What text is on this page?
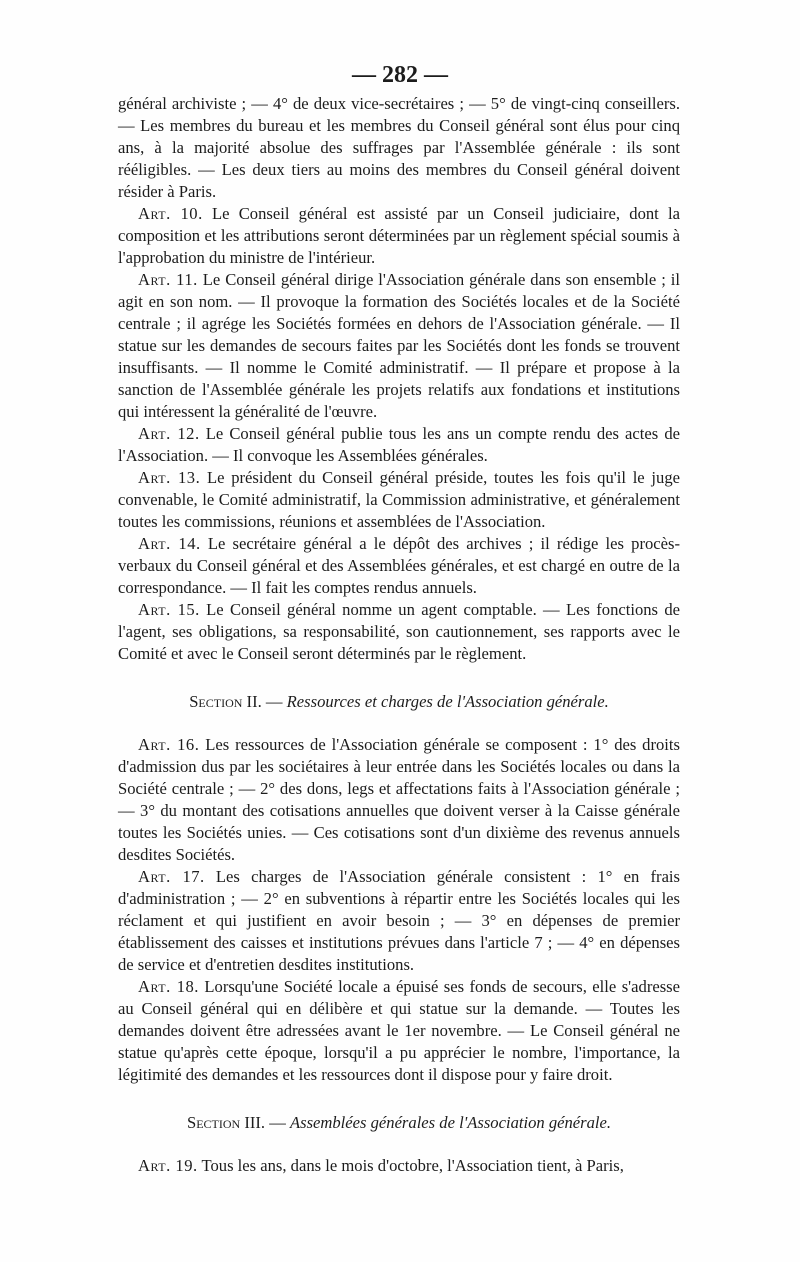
— 282 —

général archiviste ; — 4° de deux vice-secrétaires ; — 5° de vingt-cinq conseillers. — Les membres du bureau et les membres du Conseil général sont élus pour cinq ans, à la majorité absolue des suffrages par l'Assemblée générale : ils sont rééligibles. — Les deux tiers au moins des membres du Conseil général doivent résider à Paris.

Art. 10. Le Conseil général est assisté par un Conseil judiciaire, dont la composition et les attributions seront déterminées par un règlement spécial soumis à l'approbation du ministre de l'intérieur.

Art. 11. Le Conseil général dirige l'Association générale dans son ensemble ; il agit en son nom. — Il provoque la formation des Sociétés locales et de la Société centrale ; il agrége les Sociétés formées en dehors de l'Association générale. — Il statue sur les demandes de secours faites par les Sociétés dont les fonds se trouvent insuffisants. — Il nomme le Comité administratif. — Il prépare et propose à la sanction de l'Assemblée générale les projets relatifs aux fondations et institutions qui intéressent la généralité de l'œuvre.

Art. 12. Le Conseil général publie tous les ans un compte rendu des actes de l'Association. — Il convoque les Assemblées générales.

Art. 13. Le président du Conseil général préside, toutes les fois qu'il le juge convenable, le Comité administratif, la Commission administrative, et généralement toutes les commissions, réunions et assemblées de l'Association.

Art. 14. Le secrétaire général a le dépôt des archives ; il rédige les procès-verbaux du Conseil général et des Assemblées générales, et est chargé en outre de la correspondance. — Il fait les comptes rendus annuels.

Art. 15. Le Conseil général nomme un agent comptable. — Les fonctions de l'agent, ses obligations, sa responsabilité, son cautionnement, ses rapports avec le Comité et avec le Conseil seront déterminés par le règlement.

Section II. — Ressources et charges de l'Association générale.

Art. 16. Les ressources de l'Association générale se composent : 1° des droits d'admission dus par les sociétaires à leur entrée dans les Sociétés locales ou dans la Société centrale ; — 2° des dons, legs et affectations faits à l'Association générale ; — 3° du montant des cotisations annuelles que doivent verser à la Caisse générale toutes les Sociétés unies. — Ces cotisations sont d'un dixième des revenus annuels desdites Sociétés.

Art. 17. Les charges de l'Association générale consistent : 1° en frais d'administration ; — 2° en subventions à répartir entre les Sociétés locales qui les réclament et qui justifient en avoir besoin ; — 3° en dépenses de premier établissement des caisses et institutions prévues dans l'article 7 ; — 4° en dépenses de service et d'entretien desdites institutions.

Art. 18. Lorsqu'une Société locale a épuisé ses fonds de secours, elle s'adresse au Conseil général qui en délibère et qui statue sur la demande. — Toutes les demandes doivent être adressées avant le 1er novembre. — Le Conseil général ne statue qu'après cette époque, lorsqu'il a pu apprécier le nombre, l'importance, la légitimité des demandes et les ressources dont il dispose pour y faire droit.

Section III. — Assemblées générales de l'Association générale.

Art. 19. Tous les ans, dans le mois d'octobre, l'Association tient, à Paris,
